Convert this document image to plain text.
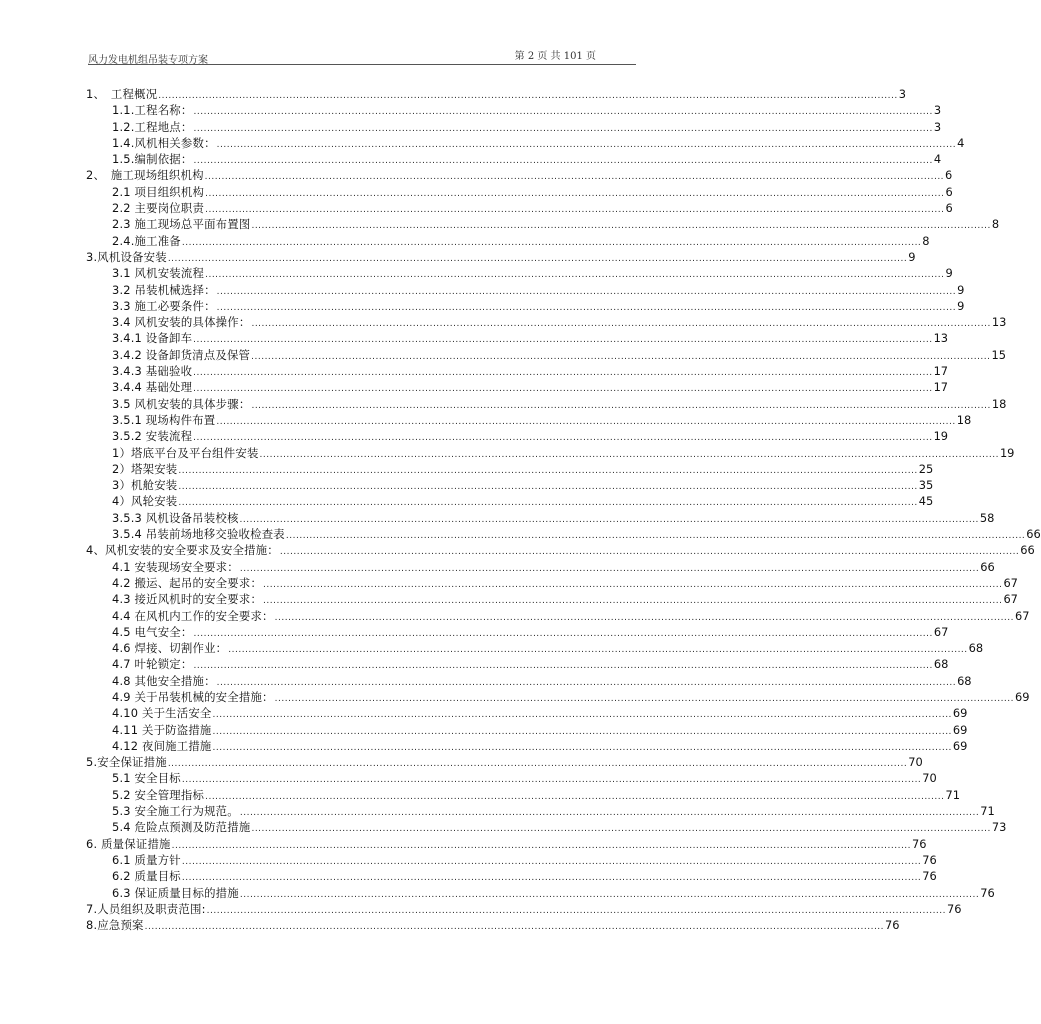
风力发电机组吊装专项方案	第 2 页 共 101 页
1、　工程概况 ............................................................................................................................................................................................................................ 3
1.1.工程名称： ............................................................................................................................................................................................................................ 3
1.2.工程地点： ............................................................................................................................................................................................................................ 3
1.4.风机相关参数： ............................................................................................................................................................................................................................ 4
1.5.编制依据： ............................................................................................................................................................................................................................ 4
2、　施工现场组织机构 ............................................................................................................................................................................................................................ 6
2.1 项目组织机构 ............................................................................................................................................................................................................................ 6
2.2 主要岗位职责 ............................................................................................................................................................................................................................ 6
2.3 施工现场总平面布置图 ............................................................................................................................................................................................................................ 8
2.4.施工准备 ............................................................................................................................................................................................................................ 8
3.风机设备安装 ............................................................................................................................................................................................................................ 9
3.1 风机安装流程 ............................................................................................................................................................................................................................ 9
3.2 吊装机械选择： ............................................................................................................................................................................................................................ 9
3.3 施工必要条件： ............................................................................................................................................................................................................................ 9
3.4 风机安装的具体操作： ............................................................................................................................................................................................................................ 13
3.4.1 设备卸车 ............................................................................................................................................................................................................................ 13
3.4.2 设备卸货清点及保管 ............................................................................................................................................................................................................................ 15
3.4.3 基础验收 ............................................................................................................................................................................................................................ 17
3.4.4 基础处理 ............................................................................................................................................................................................................................ 17
3.5 风机安装的具体步骤： ............................................................................................................................................................................................................................ 18
3.5.1 现场构件布置 ............................................................................................................................................................................................................................ 18
3.5.2 安装流程 ............................................................................................................................................................................................................................ 19
1）塔底平台及平台组件安装 ............................................................................................................................................................................................................................ 19
2）塔架安装 ............................................................................................................................................................................................................................ 25
3）机舱安装 ............................................................................................................................................................................................................................ 35
4）风轮安装 ............................................................................................................................................................................................................................ 45
3.5.3 风机设备吊装校核 ............................................................................................................................................................................................................................ 58
3.5.4 吊装前场地移交验收检查表 ............................................................................................................................................................................................................................ 66
4、风机安装的安全要求及安全措施： ............................................................................................................................................................................................................................ 66
4.1 安装现场安全要求： ............................................................................................................................................................................................................................ 66
4.2 搬运、起吊的安全要求： ............................................................................................................................................................................................................................ 67
4.3 接近风机时的安全要求： ............................................................................................................................................................................................................................ 67
4.4 在风机内工作的安全要求： ............................................................................................................................................................................................................................ 67
4.5 电气安全： ............................................................................................................................................................................................................................ 67
4.6 焊接、切割作业： ............................................................................................................................................................................................................................ 68
4.7 叶轮锁定： ............................................................................................................................................................................................................................ 68
4.8 其他安全措施： ............................................................................................................................................................................................................................ 68
4.9 关于吊装机械的安全措施： ............................................................................................................................................................................................................................ 69
4.10 关于生活安全 ............................................................................................................................................................................................................................ 69
4.11 关于防盗措施 ............................................................................................................................................................................................................................ 69
4.12 夜间施工措施 ............................................................................................................................................................................................................................ 69
5.安全保证措施 ............................................................................................................................................................................................................................ 70
5.1 安全目标 ............................................................................................................................................................................................................................ 70
5.2 安全管理指标 ............................................................................................................................................................................................................................ 71
5.3 安全施工行为规范。 ............................................................................................................................................................................................................................ 71
5.4 危险点预测及防范措施 ............................................................................................................................................................................................................................ 73
6. 质量保证措施 ............................................................................................................................................................................................................................ 76
6.1 质量方针 ............................................................................................................................................................................................................................ 76
6.2 质量目标 ............................................................................................................................................................................................................................ 76
6.3 保证质量目标的措施 ............................................................................................................................................................................................................................ 76
7.人员组织及职责范围: ............................................................................................................................................................................................................................ 76
8.应急预案 ............................................................................................................................................................................................................................ 76
